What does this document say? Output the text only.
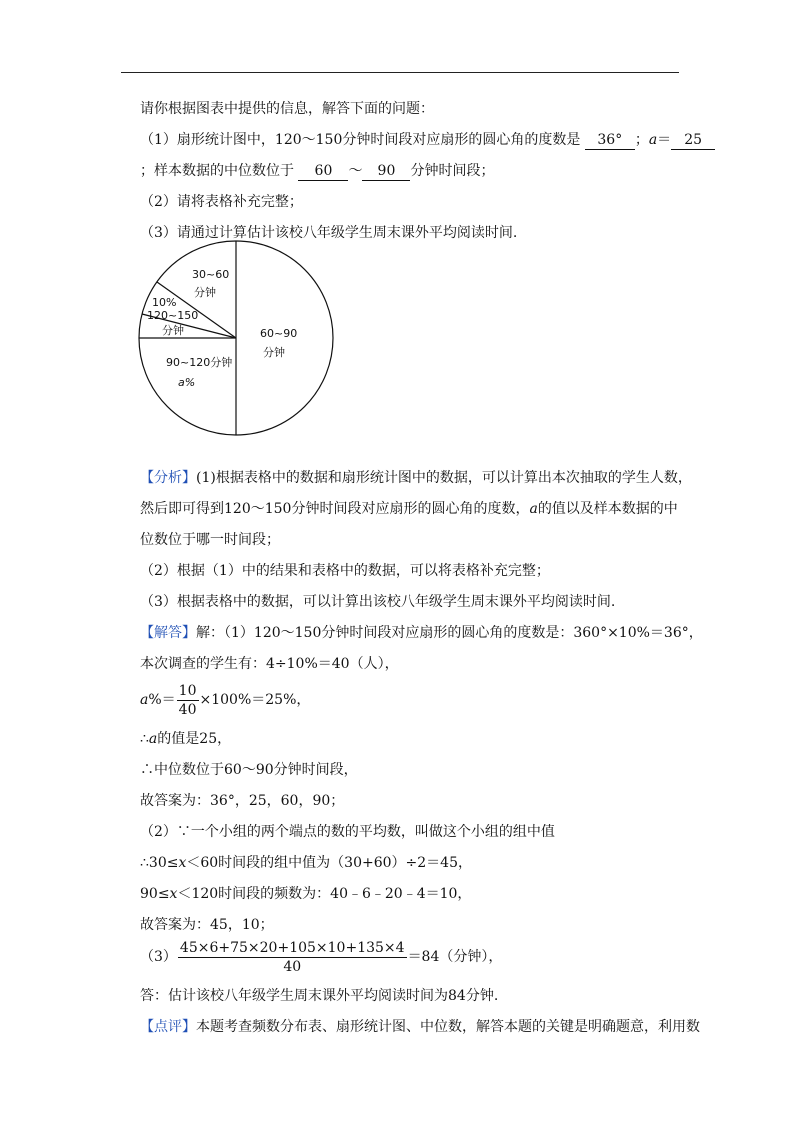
请你根据图表中提供的信息，解答下面的问题：
（1）扇形统计图中，120～150分钟时间段对应扇形的圆心角的度数是 36° ；a＝ 25
；样本数据的中位数位于 60 ～ 90 分钟时间段；
（2）请将表格补充完整；
（3）请通过计算估计该校八年级学生周末课外平均阅读时间.
30~60
分钟
10%
120~150
分钟	60~90
分钟
90~120分钟
a%
【分析】(1)根据表格中的数据和扇形统计图中的数据，可以计算出本次抽取的学生人数，
然后即可得到120～150分钟时间段对应扇形的圆心角的度数，a的值以及样本数据的中
位数位于哪一时间段；
（2）根据（1）中的结果和表格中的数据，可以将表格补充完整；
（3）根据表格中的数据，可以计算出该校八年级学生周末课外平均阅读时间.
【解答】解：（1）120～150分钟时间段对应扇形的圆心角的度数是：360°×10%＝36°，
本次调查的学生有：4÷10%＝40（人），
$a\%= \frac{10}{40} \times 100\%=25\%$，
∴a的值是25，
∴中位数位于60～90分钟时间段，
故答案为：36°，25，60，90；
（2）∵一个小组的两个端点的数的平均数，叫做这个小组的组中值
∴30≤x＜60时间段的组中值为（30+60）÷2＝45，
90≤x＜120时间段的频数为：40﹣6﹣20﹣4＝10，
故答案为：45，10；
$(3) \frac{45\times 6+75\times 20+105\times 10+135\times 4}{40} =84$（分钟），
答：估计该校八年级学生周末课外平均阅读时间为84分钟.
【点评】本题考查频数分布表、扇形统计图、中位数，解答本题的关键是明确题意，利用数
